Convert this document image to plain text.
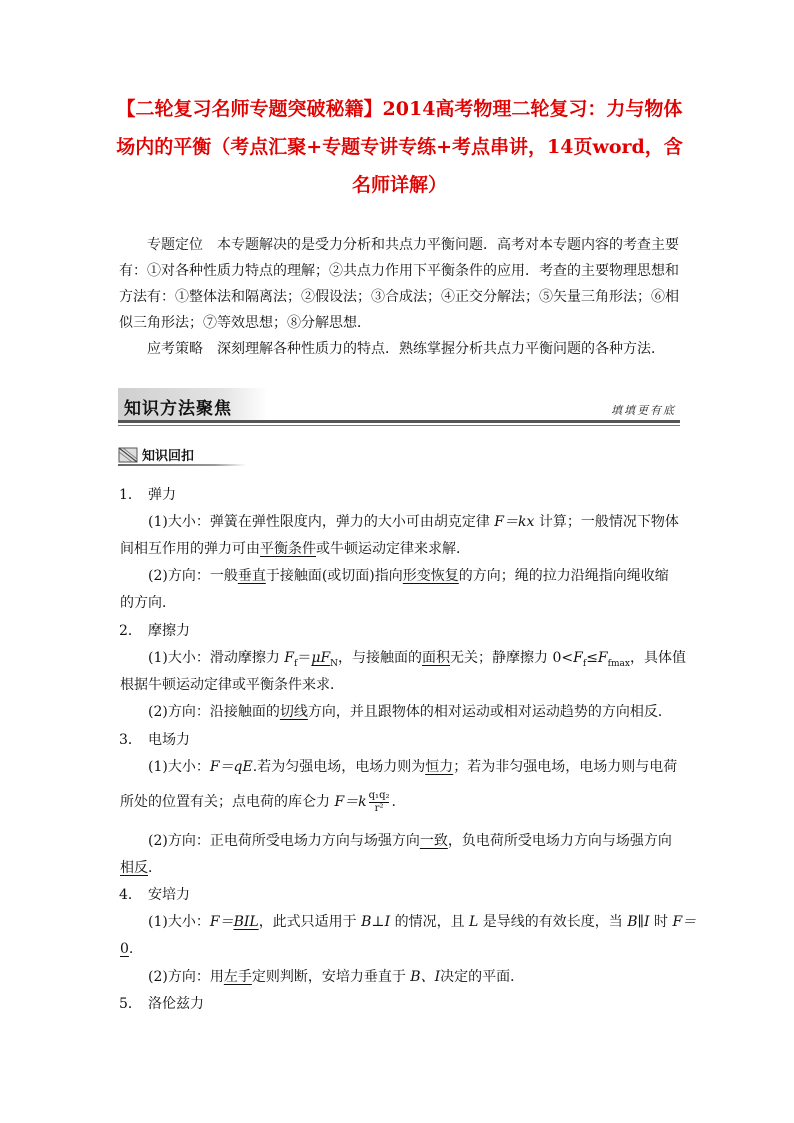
【二轮复习名师专题突破秘籍】2014高考物理二轮复习：力与物体场内的平衡（考点汇聚+专题专讲专练+考点串讲，14页word，含名师详解）

专题定位　本专题解决的是受力分析和共点力平衡问题．高考对本专题内容的考查主要有：①对各种性质力特点的理解；②共点力作用下平衡条件的应用．考查的主要物理思想和方法有：①整体法和隔离法；②假设法；③合成法；④正交分解法；⑤矢量三角形法；⑥相似三角形法；⑦等效思想；⑧分解思想．

应考策略　深刻理解各种性质力的特点．熟练掌握分析共点力平衡问题的各种方法．

知识方法聚焦	填填更有底
知识回扣
1． 弹力
(1)大小：弹簧在弹性限度内，弹力的大小可由胡克定律 F＝kx 计算；一般情况下物体
间相互作用的弹力可由平衡条件或牛顿运动定律来求解．
(2)方向：一般垂直于接触面(或切面)指向形变恢复的方向；绳的拉力沿绳指向绳收缩
的方向．
2． 摩擦力
(1)大小：滑动摩擦力 $F_f=\mu F_N$，与接触面的面积无关；静摩擦力 $0<F_f\le F_{fmax}$，具体值
根据牛顿运动定律或平衡条件来求．
(2)方向：沿接触面的切线方向，并且跟物体的相对运动或相对运动趋势的方向相反．
3． 电场力
(1)大小：F＝qE.若为匀强电场，电场力则为恒力；若为非匀强电场，电场力则与电荷
所处的位置有关；点电荷的库仑力 $F=k \frac{\text{q₁q₂}}{\text{r²}}$ .
(2)方向：正电荷所受电场力方向与场强方向一致，负电荷所受电场力方向与场强方向
相反．
4． 安培力
(1)大小：F＝BIL，此式只适用于 B⊥I 的情况，且 L 是导线的有效长度，当 B∥I 时 F＝
0.
(2)方向：用左手定则判断，安培力垂直于 B、I决定的平面．
5． 洛伦兹力
